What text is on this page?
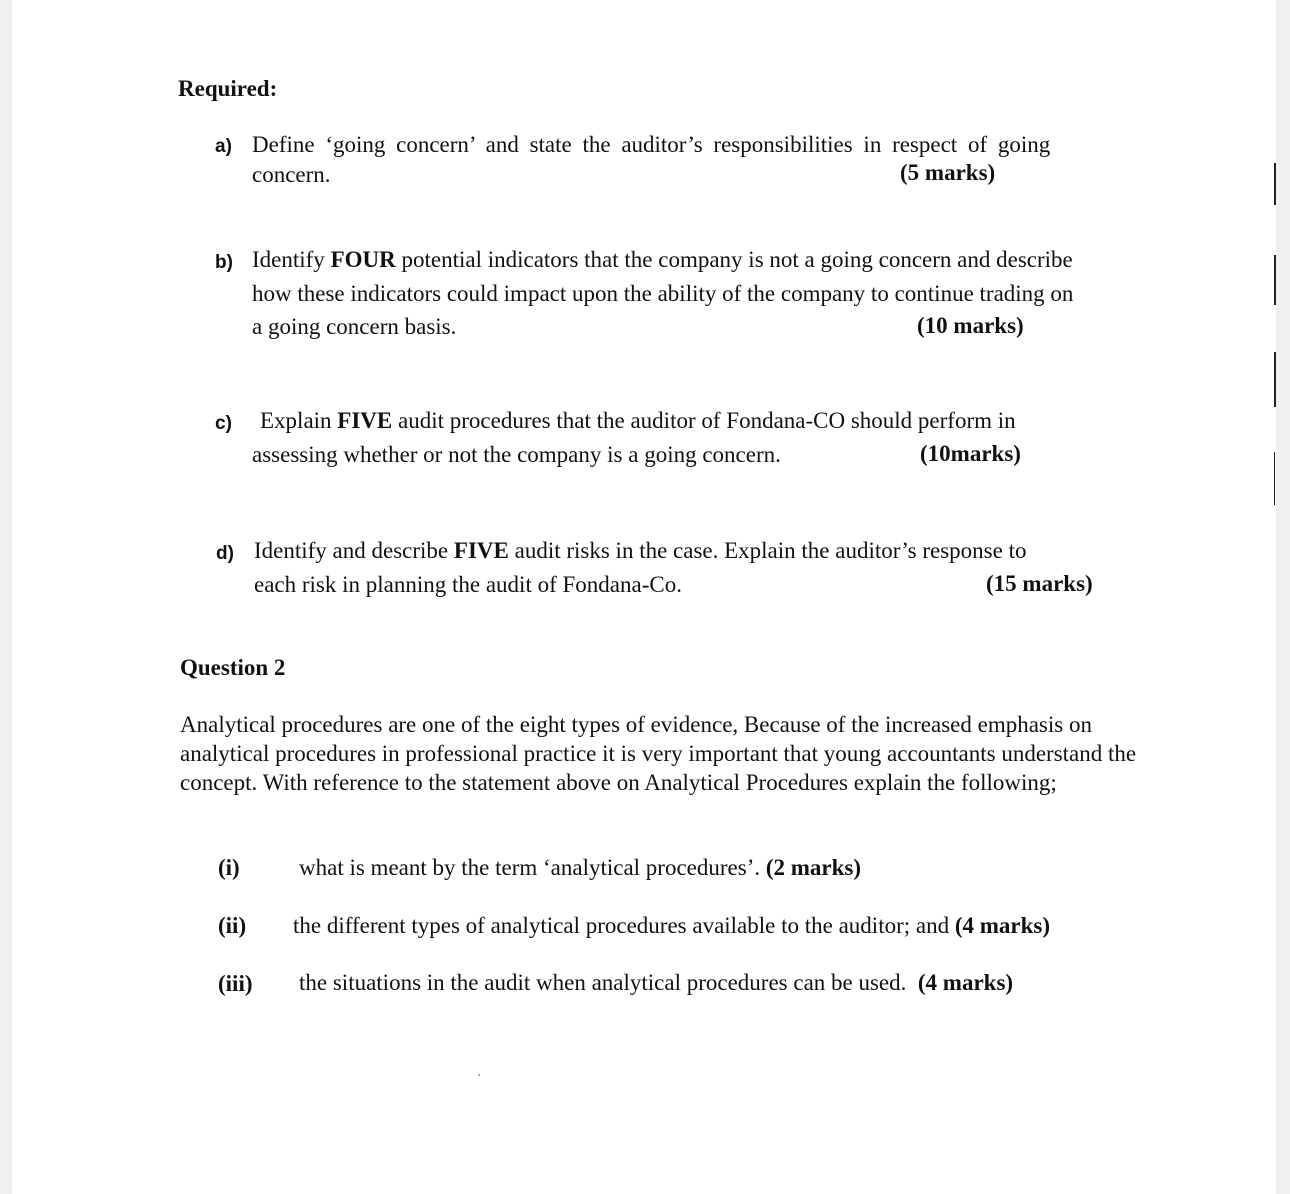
Required:
a) Define ‘going concern’ and state the auditor’s responsibilities in respect of going
concern.	(5 marks)
b) Identify FOUR potential indicators that the company is not a going concern and describe
how these indicators could impact upon the ability of the company to continue trading on
a going concern basis.	(10 marks)
c) Explain FIVE audit procedures that the auditor of Fondana-CO should perform in
assessing whether or not the company is a going concern.	(10marks)
d) Identify and describe FIVE audit risks in the case. Explain the auditor’s response to
each risk in planning the audit of Fondana-Co.	(15 marks)
Question 2
Analytical procedures are one of the eight types of evidence, Because of the increased emphasis on analytical procedures in professional practice it is very important that young accountants understand the concept. With reference to the statement above on Analytical Procedures explain the following;
(i)	what is meant by the term ‘analytical procedures’. (2 marks)
(ii) the different types of analytical procedures available to the auditor; and (4 marks)
(iii) the situations in the audit when analytical procedures can be used.  (4 marks)
